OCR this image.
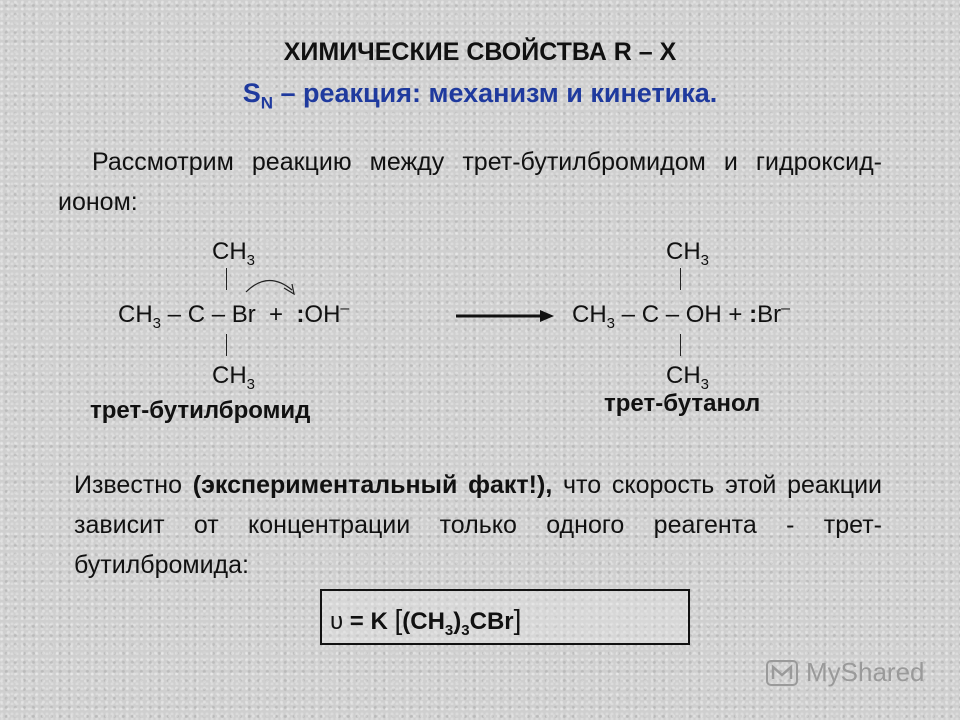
ХИМИЧЕСКИЕ СВОЙСТВА R – X
$S_N$ – реакция: механизм и кинетика.
Рассмотрим реакцию между трет-бутилбромидом и гидроксид-ионом:
$CH_3$
$CH_3$ – C – Br  +  :OH–
$CH_3$
трет-бутилбромид
$CH_3$
$CH_3$ – C – OH + :Br–
$CH_3$
трет-бутанол
Известно (экспериментальный факт!), что скорость этой реакции зависит от концентрации только одного реагента - трет-бутилбромида:
υ = K $[(CH_3)_3CBr]$
MyShared
